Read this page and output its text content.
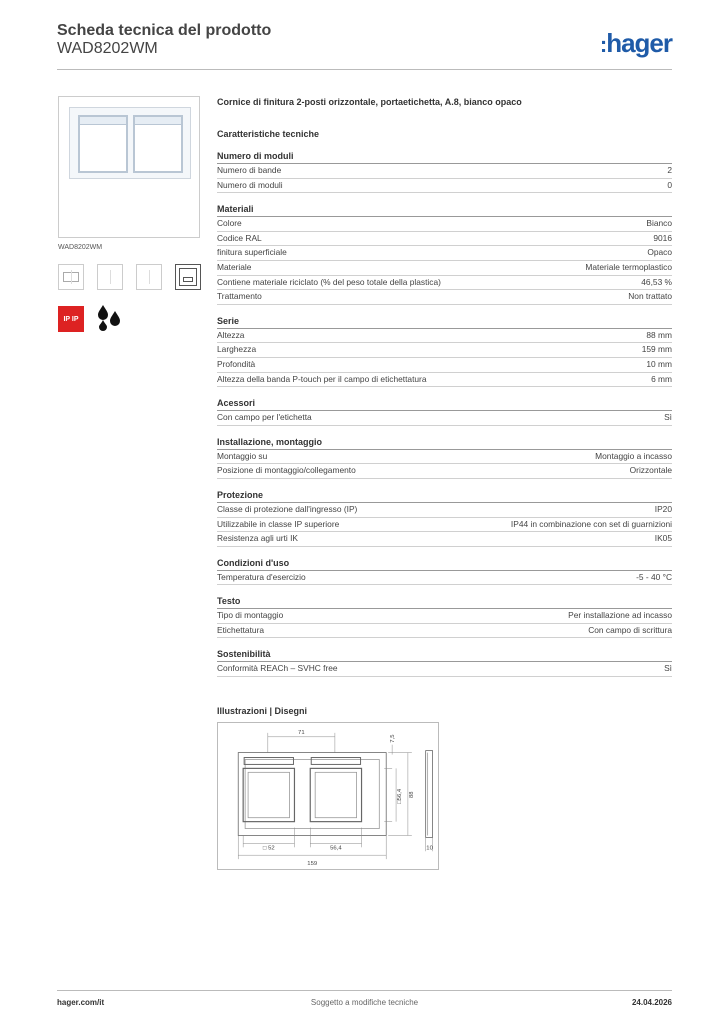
Scheda tecnica del prodotto
WAD8202WM	:hager
WAD8202WM
IP IP
Cornice di finitura 2-posti orizzontale, portaetichetta, A.8, bianco opaco
Caratteristiche tecniche
Numero di moduli
Numero di bande	2
Numero di moduli	0
Materiali
Colore	Bianco
Codice RAL	9016
finitura superficiale	Opaco
Materiale	Materiale termoplastico
Contiene materiale riciclato (% del peso totale della plastica)	46,53 %
Trattamento	Non trattato
Serie
Altezza	88 mm
Larghezza	159 mm
Profondità	10 mm
Altezza della banda P-touch per il campo di etichettatura	6 mm
Acessori
Con campo per l'etichetta	Sì
Installazione, montaggio
Montaggio su	Montaggio a incasso
Posizione di montaggio/collegamento	Orizzontale
Protezione
Classe di protezione dall'ingresso (IP)	IP20
Utilizzabile in classe IP superiore	IP44 in combinazione con set di guarnizioni
Resistenza agli urti IK	IK05
Condizioni d'uso
Temperatura d'esercizio	-5 - 40 °C
Testo
Tipo di montaggio	Per installazione ad incasso
Etichettatura	Con campo di scrittura
Sostenibilità
Conformità REACh – SVHC free	Sì
Illustrazioni | Disegni
71
7,5
□56,4 88
□ 52	56,4
159
10
hager.com/it	Soggetto a modifiche tecniche	24.04.2026
